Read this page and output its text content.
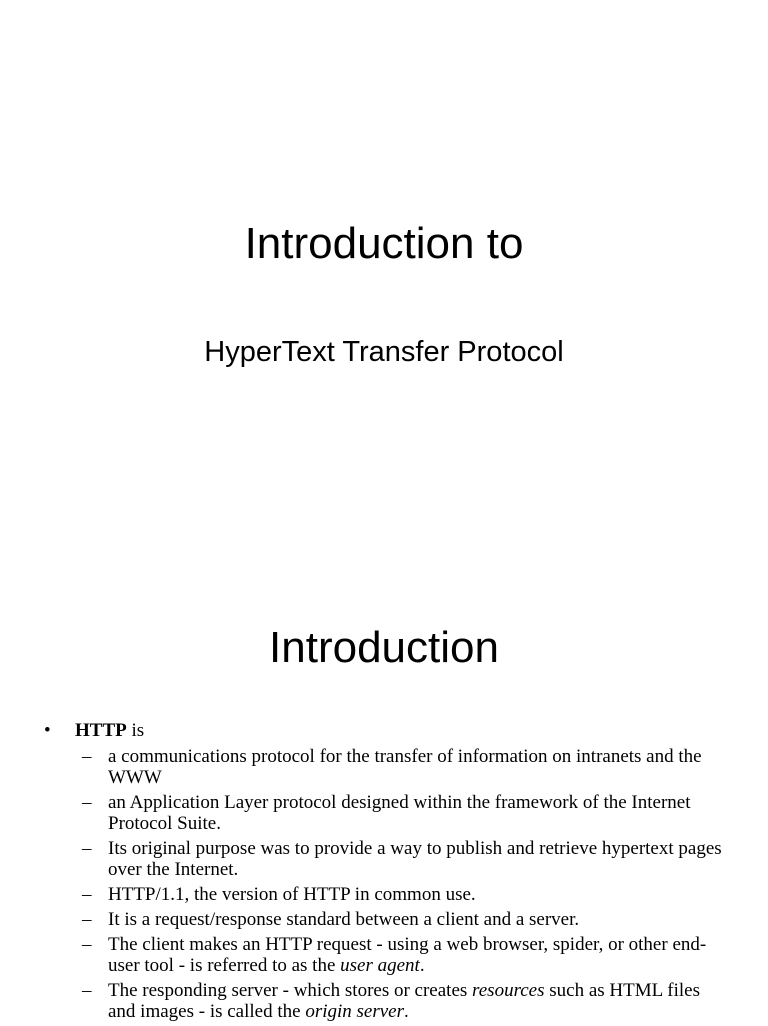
Introduction to
HyperText Transfer Protocol
Introduction
• HTTP is
– a communications protocol for the transfer of information on intranets and the WWW
– an Application Layer protocol designed within the framework of the Internet Protocol Suite.
– Its original purpose was to provide a way to publish and retrieve hypertext pages over the Internet.
– HTTP/1.1, the version of HTTP in common use.
– It is a request/response standard between a client and a server.
– The client makes an HTTP request - using a web browser, spider, or other end-user tool - is referred to as the user agent.
– The responding server - which stores or creates resources such as HTML files and images - is called the origin server.
